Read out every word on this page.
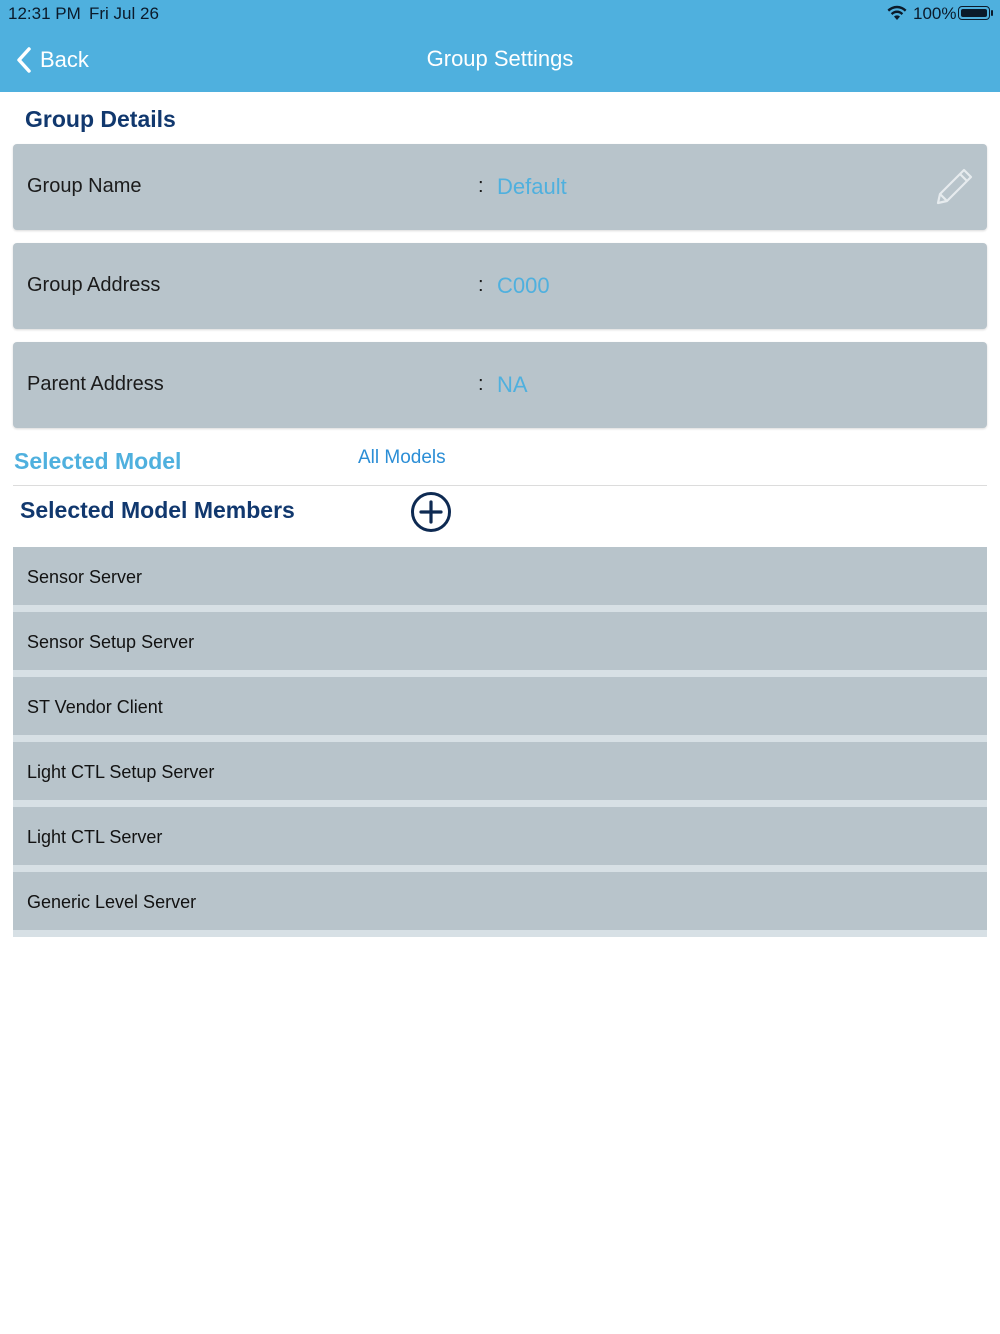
12:31 PM Fri Jul 26	100%
Back	Group Settings
Group Details
Group Name	: Default
Group Address	: C000
Parent Address	: NA
Selected Model	All Models
Selected Model Members
Sensor Server
Sensor Setup Server
ST Vendor Client
Light CTL Setup Server
Light CTL Server
Generic Level Server
